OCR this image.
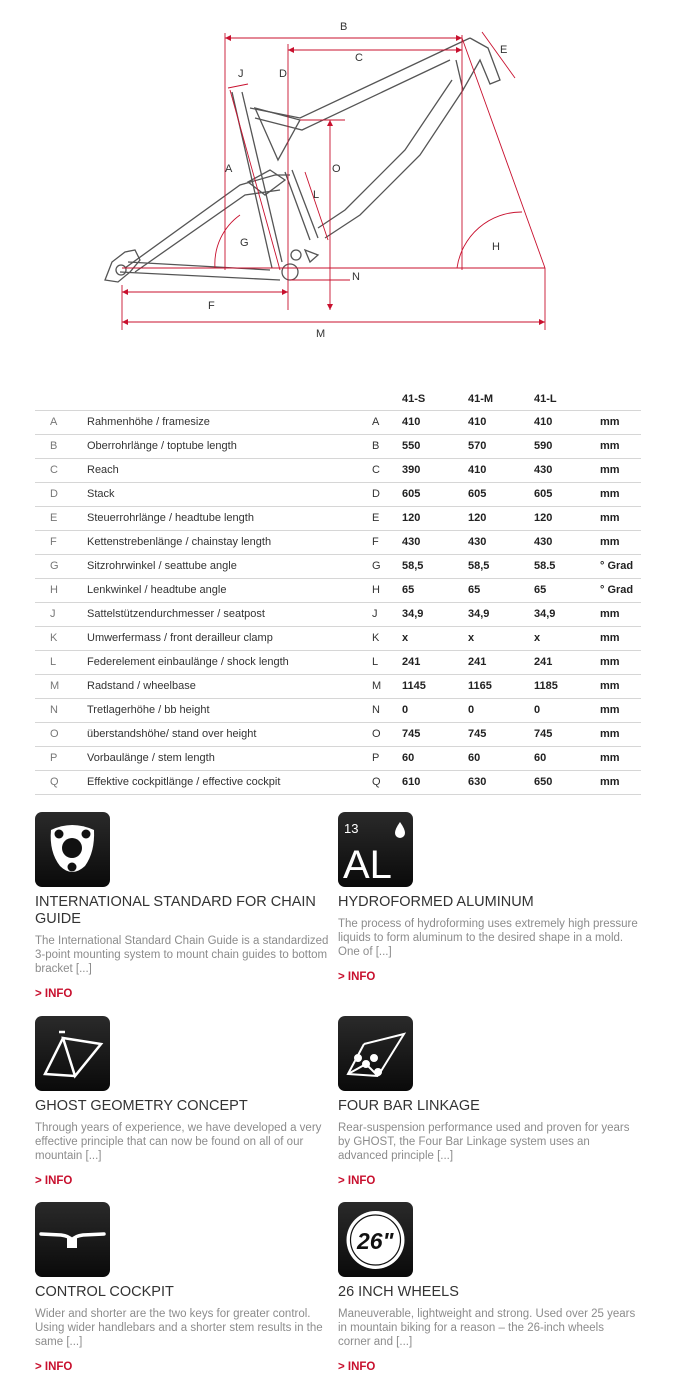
B
E
C
J	D
A	O
L
G	H
N
F
M
			41-S	41-M	41-L	
A	Rahmenhöhe / framesize	A	410	410	410	mm
B	Oberrohrlänge / toptube length	B	550	570	590	mm
C	Reach	C	390	410	430	mm
D	Stack	D	605	605	605	mm
E	Steuerrohrlänge / headtube length	E	120	120	120	mm
F	Kettenstrebenlänge / chainstay length	F	430	430	430	mm
G	Sitzrohrwinkel / seattube angle	G	58,5	58,5	58.5	° Grad
H	Lenkwinkel / headtube angle	H	65	65	65	° Grad
J	Sattelstützendurchmesser / seatpost	J	34,9	34,9	34,9	mm
K	Umwerfermass / front derailleur clamp	K	x	x	x	mm
L	Federelement einbaulänge / shock length	L	241	241	241	mm
M	Radstand / wheelbase	M	1145	1165	1185	mm
N	Tretlagerhöhe / bb height	N	0	0	0	mm
O	überstandshöhe/ stand over height	O	745	745	745	mm
P	Vorbaulänge / stem length	P	60	60	60	mm
Q	Effektive cockpitlänge / effective cockpit	Q	610	630	650	mm
INTERNATIONAL STANDARD FOR CHAIN GUIDE
The International Standard Chain Guide is a standardized 3-point mounting system to mount chain guides to bottom bracket [...]
> INFO
13
AL
HYDROFORMED ALUMINUM
The process of hydroforming uses extremely high pressure liquids to form aluminum to the desired shape in a mold. One of [...]
> INFO
GHOST GEOMETRY CONCEPT
Through years of experience, we have developed a very effective principle that can now be found on all of our mountain [...]
> INFO
FOUR BAR LINKAGE
Rear-suspension performance used and proven for years by GHOST, the Four Bar Linkage system uses an advanced principle [...]
> INFO
CONTROL COCKPIT
Wider and shorter are the two keys for greater control. Using wider handlebars and a shorter stem results in the same [...]
> INFO
26"
26 INCH WHEELS
Maneuverable, lightweight and strong. Used over 25 years in mountain biking for a reason – the 26-inch wheels corner and [...]
> INFO
